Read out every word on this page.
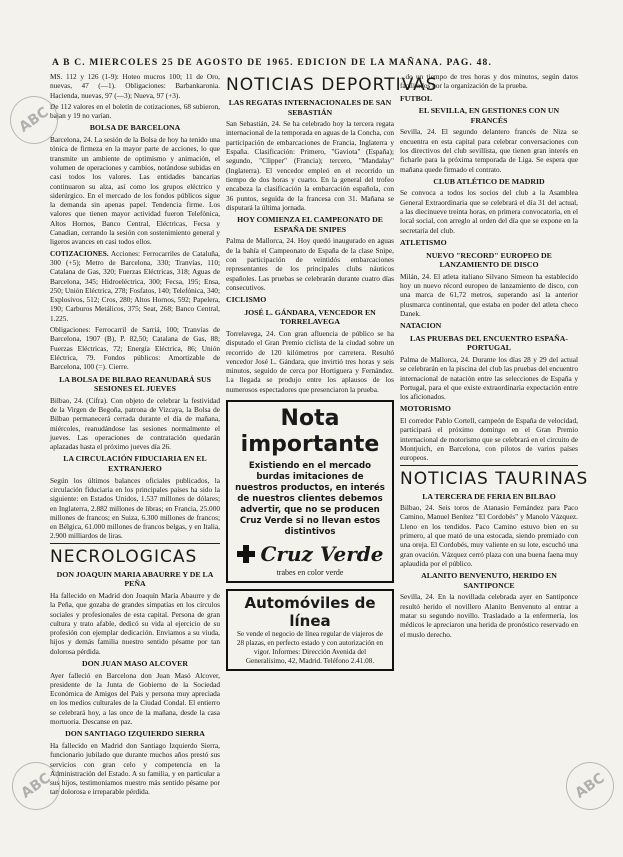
A B C. MIERCOLES 25 DE AGOSTO DE 1965. EDICION DE LA MAÑANA. PAG. 48.

MS. 112 y 126 (1-9): Hoteo mucros 100; 11 de Oro, nuevas, 47 (—1). Obligaciones: Barbankaronia. Hacienda, nuevas, 97 (—3); Nueva, 97 (+3).

De 112 valores en el boletín de cotizaciones, 68 subieron, bajan y 19 no varían.

BOLSA DE BARCELONA

Barcelona, 24. La sesión de la Bolsa de hoy ha tenido una tónica de firmeza en la mayor parte de acciones, lo que transmite un ambiente de optimismo y animación, el volumen de operaciones y cambios, notándose subidas en casi todos los valores. Las entidades bancarias continuaron su alza, así como los grupos eléctrico y siderúrgico. En el mercado de los fondos públicos sigue la demanda sin apenas papel. Tendencia firme. Los valores que tienen mayor actividad fueron Telefónica, Altos Hornos, Banco Central, Eléctricas, Fecsa y Canadian, cerrando la sesión con sostenimiento general y ligeros avances en casi todos ellos.

COTIZACIONES. Acciones: Ferrocarriles de Cataluña, 300 (+5); Metro de Barcelona, 330; Tranvías, 110; Catalana de Gas, 320; Fuerzas Eléctricas, 318; Aguas de Barcelona, 345; Hidroeléctrica, 300; Fecsa, 195; Ensa, 250; Unión Eléctrica, 278; Fosfatos, 140; Telefónica, 340; Explosivos, 512; Cros, 280; Altos Hornos, 592; Papelera, 190; Carburos Metálicos, 375; Seat, 268; Banco Central, 1.225.

Obligaciones: Ferrocarril de Sarriá, 100; Tranvías de Barcelona, 1907 (B), P. 82,50; Catalana de Gas, 88; Fuerzas Eléctricas, 72; Energía Eléctrica, 86; Unión Eléctrica, 79. Fondos públicos: Amortizable de Barcelona, 100 (=). Cierre.

LA BOLSA DE BILBAO REANUDARÁ SUS SESIONES EL JUEVES

Bilbao, 24. (Cifra). Con objeto de celebrar la festividad de la Virgen de Begoña, patrona de Vizcaya, la Bolsa de Bilbao permanecerá cerrada durante el día de mañana, miércoles, reanudándose las sesiones normalmente el jueves. Las operaciones de contratación quedarán aplazadas hasta el próximo jueves día 26.

LA CIRCULACIÓN FIDUCIARIA EN EL EXTRANJERO

Según los últimos balances oficiales publicados, la circulación fiduciaria en los principales países ha sido la siguiente: en Estados Unidos, 1.537 millones de dólares; en Inglaterra, 2.882 millones de libras; en Francia, 25.000 millones de francos; en Suiza, 6.300 millones de francos; en Bélgica, 61.000 millones de francos belgas, y en Italia, 2.900 milliardos de liras.

NECROLOGICAS
DON JOAQUIN MARIA ABAURRE Y DE LA PEÑA

Ha fallecido en Madrid don Joaquín María Abaurre y de la Peña, que gozaba de grandes simpatías en los círculos sociales y profesionales de esta capital. Persona de gran cultura y trato afable, dedicó su vida al ejercicio de su profesión con ejemplar dedicación. Enviamos a su viuda, hijos y demás familia nuestro sentido pésame por tan dolorosa pérdida.

DON JUAN MASO ALCOVER

Ayer falleció en Barcelona don Juan Masó Alcover, presidente de la Junta de Gobierno de la Sociedad Económica de Amigos del País y persona muy apreciada en los medios culturales de la Ciudad Condal. El entierro se celebrará hoy, a las once de la mañana, desde la casa mortuoria. Descanse en paz.

DON SANTIAGO IZQUIERDO SIERRA

Ha fallecido en Madrid don Santiago Izquierdo Sierra, funcionario jubilado que durante muchos años prestó sus servicios con gran celo y competencia en la Administración del Estado. A su familia, y en particular a sus hijos, testimoniamos nuestro más sentido pésame por tan dolorosa e irreparable pérdida.

NOTICIAS DEPORTIVAS
LAS REGATAS INTERNACIONALES DE SAN SEBASTIÁN

San Sebastián, 24. Se ha celebrado hoy la tercera regata internacional de la temporada en aguas de la Concha, con participación de embarcaciones de Francia, Inglaterra y España. Clasificación: Primero, "Gaviota" (España); segundo, "Clipper" (Francia); tercero, "Mandalay" (Inglaterra). El vencedor empleó en el recorrido un tiempo de dos horas y cuarto. En la general del trofeo encabeza la clasificación la embarcación española, con 36 puntos, seguida de la francesa con 31. Mañana se disputará la última jornada.

HOY COMIENZA EL CAMPEONATO DE ESPAÑA DE SNIPES

Palma de Mallorca, 24. Hoy quedó inaugurado en aguas de la bahía el Campeonato de España de la clase Snipe, con participación de veintidós embarcaciones representantes de los principales clubs náuticos españoles. Las pruebas se celebrarán durante cuatro días consecutivos.

CICLISMO
JOSÉ L. GÁNDARA, VENCEDOR EN TORRELAVEGA

Torrelavega, 24. Con gran afluencia de público se ha disputado el Gran Premio ciclista de la ciudad sobre un recorrido de 120 kilómetros por carretera. Resultó vencedor José L. Gándara, que invirtió tres horas y seis minutos, seguido de cerca por Hortiguera y Fernández. La llegada se produjo entre los aplausos de los numerosos espectadores que presenciaron la prueba.

Nota importante
Existiendo en el mercado burdas imitaciones de nuestros productos, en interés de nuestros clientes debemos advertir, que no se producen Cruz Verde si no llevan estos distintivos
Cruz Verde
trabes en color verde
Automóviles de línea
Se vende el negocio de línea regular de viajeros de 28 plazas, en perfecto estado y con autorización en vigor. Informes: Dirección Avenida del Generalísimo, 42, Madrid. Teléfono 2.41.08.

...do un tiempo de tres horas y dos minutos, según datos facilitados por la organización de la prueba.

FUTBOL
EL SEVILLA, EN GESTIONES CON UN FRANCÉS

Sevilla, 24. El segundo delantero francés de Niza se encuentra en esta capital para celebrar conversaciones con los directivos del club sevillista, que tienen gran interés en ficharle para la próxima temporada de Liga. Se espera que mañana quede firmado el contrato.

CLUB ATLÉTICO DE MADRID

Se convoca a todos los socios del club a la Asamblea General Extraordinaria que se celebrará el día 31 del actual, a las diecinueve treinta horas, en primera convocatoria, en el local social, con arreglo al orden del día que se expone en la secretaría del club.

ATLETISMO
NUEVO "RECORD" EUROPEO DE LANZAMIENTO DE DISCO

Milán, 24. El atleta italiano Silvano Simeon ha establecido hoy un nuevo récord europeo de lanzamiento de disco, con una marca de 61,72 metros, superando así la anterior plusmarca continental, que estaba en poder del atleta checo Danek.

NATACION
LAS PRUEBAS DEL ENCUENTRO ESPAÑA-PORTUGAL

Palma de Mallorca, 24. Durante los días 28 y 29 del actual se celebrarán en la piscina del club las pruebas del encuentro internacional de natación entre las selecciones de España y Portugal, para el que existe extraordinaria expectación entre los aficionados.

MOTORISMO

El corredor Pablo Cortell, campeón de España de velocidad, participará el próximo domingo en el Gran Premio internacional de motorismo que se celebrará en el circuito de Montjuich, en Barcelona, con pilotos de varios países europeos.

NOTICIAS TAURINAS
LA TERCERA DE FERIA EN BILBAO

Bilbao, 24. Seis toros de Atanasio Fernández para Paco Camino, Manuel Benítez "El Cordobés" y Manolo Vázquez. Lleno en los tendidos. Paco Camino estuvo bien en su primero, al que mató de una estocada, siendo premiado con una oreja. El Cordobés, muy valiente en su lote, escuchó una gran ovación. Vázquez cerró plaza con una buena faena muy aplaudida por el público.

ALANITO BENVENUTO, HERIDO EN SANTIPONCE

Sevilla, 24. En la novillada celebrada ayer en Santiponce resultó herido el novillero Alanito Benvenuto al entrar a matar su segundo novillo. Trasladado a la enfermería, los médicos le apreciaron una herida de pronóstico reservado en el muslo derecho.

ABC
ABC	ABC
